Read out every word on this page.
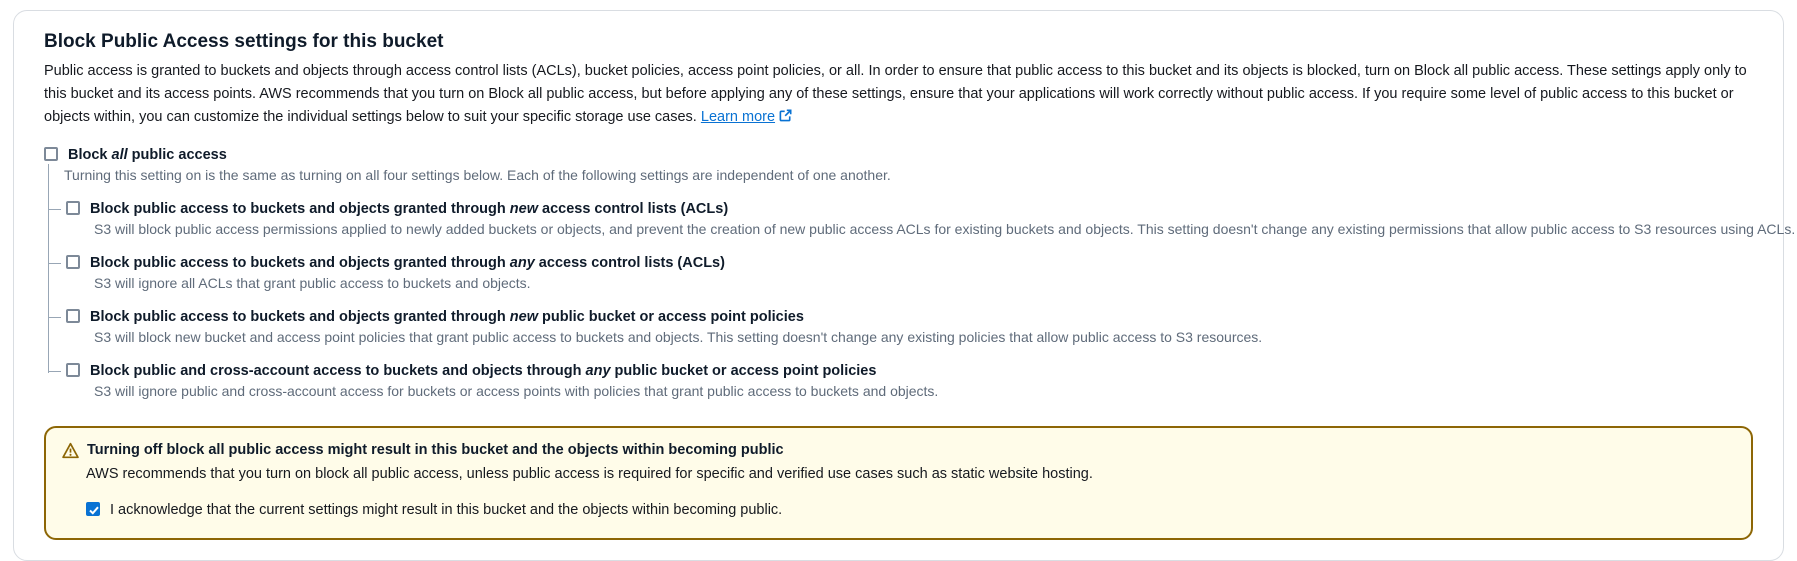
Block Public Access settings for this bucket

Public access is granted to buckets and objects through access control lists (ACLs), bucket policies, access point policies, or all. In order to ensure that public access to this bucket and its objects is blocked, turn on Block all public access. These settings apply only to this bucket and its access points. AWS recommends that you turn on Block all public access, but before applying any of these settings, ensure that your applications will work correctly without public access. If you require some level of public access to this bucket or objects within, you can customize the individual settings below to suit your specific storage use cases. Learn more

Block all public access

Turning this setting on is the same as turning on all four settings below. Each of the following settings are independent of one another.

Block public access to buckets and objects granted through new access control lists (ACLs)

S3 will block public access permissions applied to newly added buckets or objects, and prevent the creation of new public access ACLs for existing buckets and objects. This setting doesn't change any existing permissions that allow public access to S3 resources using ACLs.

Block public access to buckets and objects granted through any access control lists (ACLs)

S3 will ignore all ACLs that grant public access to buckets and objects.

Block public access to buckets and objects granted through new public bucket or access point policies

S3 will block new bucket and access point policies that grant public access to buckets and objects. This setting doesn't change any existing policies that allow public access to S3 resources.

Block public and cross-account access to buckets and objects through any public bucket or access point policies

S3 will ignore public and cross-account access for buckets or access points with policies that grant public access to buckets and objects.

Turning off block all public access might result in this bucket and the objects within becoming public

AWS recommends that you turn on block all public access, unless public access is required for specific and verified use cases such as static website hosting.

I acknowledge that the current settings might result in this bucket and the objects within becoming public.
